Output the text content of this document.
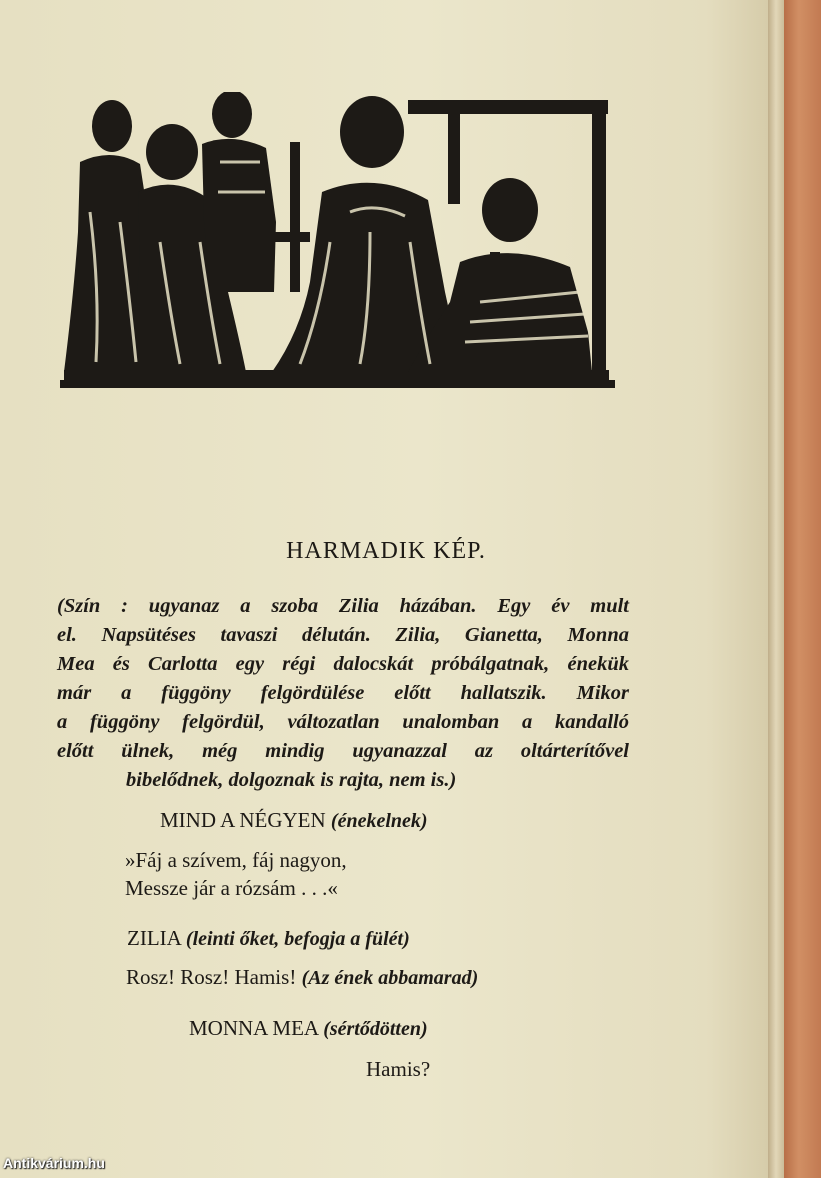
HARMADIK KÉP.
(Szín : ugyanaz a szoba Zilia házában. Egy év mult
el. Napsütéses tavaszi délután. Zilia, Gianetta, Monna
Mea és Carlotta egy régi dalocskát próbálgatnak, énekük
már a függöny felgördülése előtt hallatszik. Mikor
a függöny felgördül, változatlan unalomban a kandalló
előtt ülnek, még mindig ugyanazzal az oltárterítővel
bibelődnek, dolgoznak is rajta, nem is.)
MIND A NÉGYEN (énekelnek)
»Fáj a szívem, fáj nagyon,
Messze jár a rózsám . . .«
ZILIA (leinti őket, befogja a fülét)
Rosz! Rosz! Hamis! (Az ének abbamarad)
MONNA MEA (sértődötten)
Hamis?
Antikvárium.hu
